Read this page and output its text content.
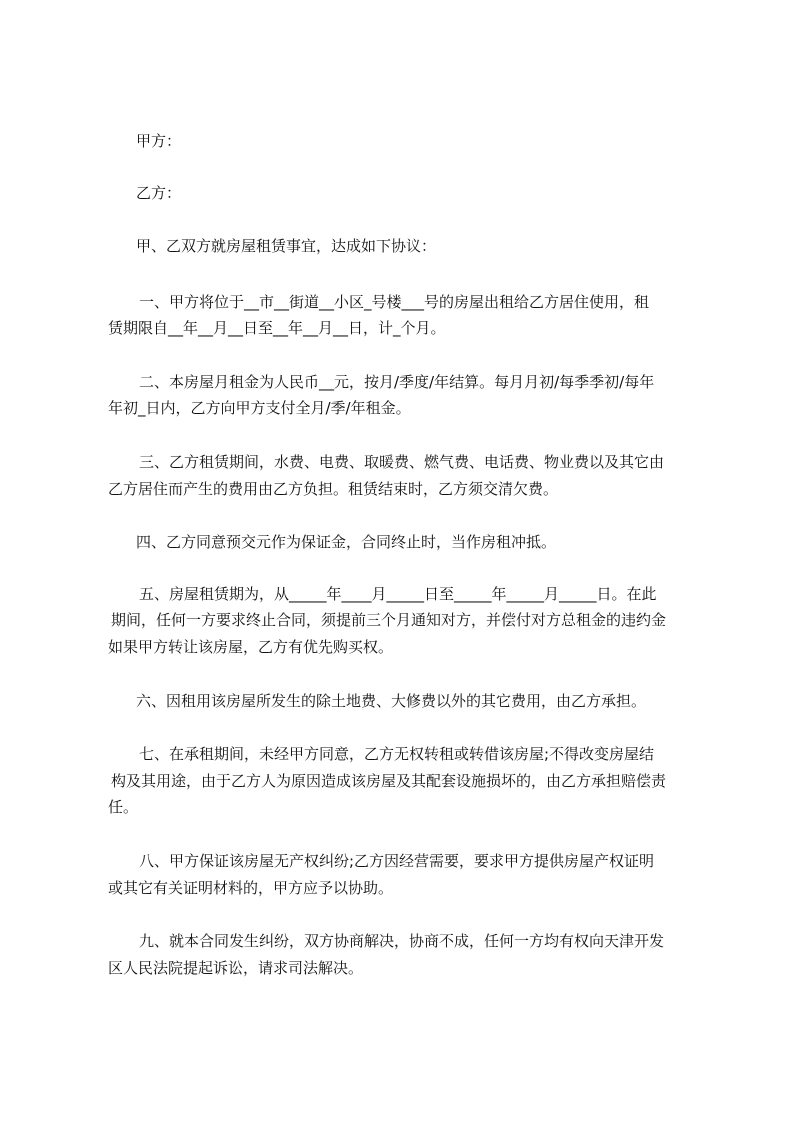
甲方：
乙方：
甲、乙双方就房屋租赁事宜，达成如下协议：
一、甲方将位于__市__街道__小区_号楼___号的房屋出租给乙方居住使用，租
赁期限自__年__月__日至__年__月__日，计_个月。
二、本房屋月租金为人民币__元，按月/季度/年结算。每月月初/每季季初/每年
年初_日内，乙方向甲方支付全月/季/年租金。
三、乙方租赁期间，水费、电费、取暖费、燃气费、电话费、物业费以及其它由
乙方居住而产生的费用由乙方负担。租赁结束时，乙方须交清欠费。
四、乙方同意预交元作为保证金，合同终止时，当作房租冲抵。
五、房屋租赁期为，从_____年____月_____日至_____年_____月_____日。在此
期间，任何一方要求终止合同，须提前三个月通知对方，并偿付对方总租金的违约金
如果甲方转让该房屋，乙方有优先购买权。
六、因租用该房屋所发生的除土地费、大修费以外的其它费用，由乙方承担。
七、在承租期间，未经甲方同意，乙方无权转租或转借该房屋;不得改变房屋结
构及其用途，由于乙方人为原因造成该房屋及其配套设施损坏的，由乙方承担赔偿责
任。
八、甲方保证该房屋无产权纠纷;乙方因经营需要，要求甲方提供房屋产权证明
或其它有关证明材料的，甲方应予以协助。
九、就本合同发生纠纷，双方协商解决，协商不成，任何一方均有权向天津开发
区人民法院提起诉讼，请求司法解决。
